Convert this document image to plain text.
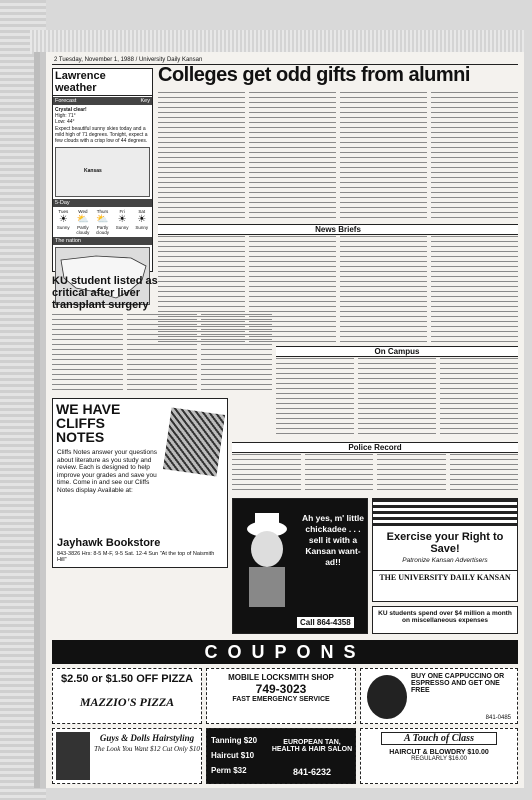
2 Tuesday, November 1, 1988 / University Daily Kansan
Lawrence weather
Forecast	Key
Crystal clear!
High: 71°
Low: 44°
Expect beautiful sunny skies today and a mild high of 71 degrees. Tonight, expect a few clouds with a crisp low of 44 degrees.
Kansas
5-Day
Tues
☀
Sunny
Wed
⛅
Partly cloudy
Thurs
⛅
Partly cloudy
Fri
☀
Sunny
Sat
☀
Sunny
The nation
Colleges get odd gifts from alumni
News Briefs
KU student listed as critical after liver transplant surgery
On Campus
Police Record
WE HAVE CLIFFS NOTES
Cliffs Notes answer your questions about literature as you study and review. Each is designed to help improve your grades and save you time. Come in and see our Cliffs Notes display Available at:
Jayhawk Bookstore
843-3826 Hrs: 8-5 M-F, 9-5 Sat. 12-4 Sun "At the top of Naismith Hill"
Ah yes, m' little chickadee . . . sell it with a Kansan want-ad!!
Call 864-4358
Exercise your Right to Save!
Patronize Kansan Advertisers
THE UNIVERSITY DAILY KANSAN
KU students spend over $4 million a month on miscellaneous expenses
COUPONS
$2.50 or $1.50 OFF PIZZA
MAZZIO'S PIZZA
MOBILE LOCKSMITH SHOP
749-3023
FAST EMERGENCY SERVICE
BUY ONE CAPPUCCINO OR ESPRESSO AND GET ONE FREE
841-0485
Guys & Dolls Hairstyling
The Look You Want $12 Cut Only $10
Tanning $20 Haircut $10 Perm $32
EUROPEAN TAN, HEALTH & HAIR SALON
841-6232
A Touch of Class
HAIRCUT & BLOWDRY $10.00
REGULARLY $16.00
